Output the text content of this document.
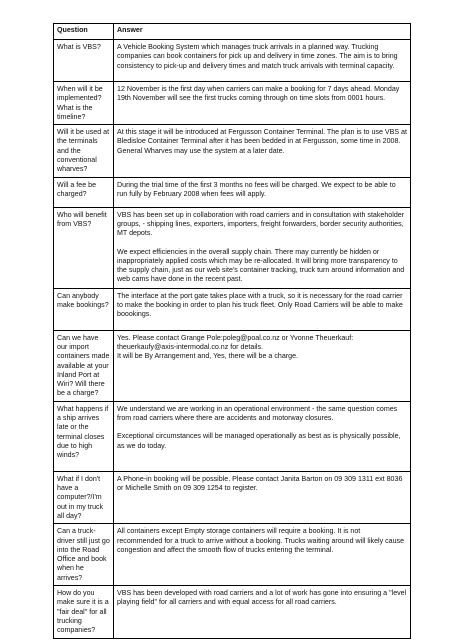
Question	Answer
What is VBS?	A Vehicle Booking System which manages truck arrivals in a planned way. Trucking companies can book containers for pick up and delivery in time zones. The aim is to bring consistency to pick-up and delivery times and match truck arrivals with terminal capacity.

When will it be implemented? What is the timeline?	12 November is the first day when carriers can make a booking for 7 days ahead. Monday 19th November will see the first trucks coming through on time slots from 0001 hours.

Will it be used at the terminals and the conventional wharves?	At this stage it will be introduced at Fergusson Container Terminal. The plan is to use VBS at Bledisloe Container Terminal after it has been bedded in at Fergusson, some time in 2008. General Wharves may use the system at a later date.

Will a fee be charged?	During the trial time of the first 3 months no fees will be charged. We expect to be able to run fully by February 2008 when fees will apply.

Who will benefit from VBS?	VBS has been set up in collaboration with road carriers and in consultation with stakeholder groups, - shipping lines, exporters, importers, freight forwarders, border security authorities, MT depots.

We expect efficiencies in the overall supply chain. There may currently be hidden or inappropriately applied costs which may be re-allocated. It will bring more transparency to the supply chain, just as our web site's container tracking, truck turn around information and web cams have done in the recent past.

Can anybody make bookings?	The interface at the port gate takes place with a truck, so it is necessary for the road carrier to make the booking in order to plan his truck fleet. Only Road Carriers will be able to make boookings.

Can we have our import containers made available at your Inland Port at Wiri? Will there be a charge?	Yes. Please contact Grange Pole:poleg@poal.co.nz or Yvonne Theuerkauf: theuerkaufy@axis-intermodal.co.nz for details.
It will be By Arrangement and, Yes, there will be a charge.

What happens if a ship arrives late or the terminal closes due to high winds?	We understand we are working in an operational environment - the same question comes from road carriers where there are accidents and motorway closures.

Exceptional circumstances will be managed operationally as best as is physically possible, as we do today.

What if I don't have a computer?/I'm out in my truck all day?	A Phone-in booking will be possible. Please contact Janita Barton on 09 309 1311 ext 8036 or Michelle Smith on 09 309 1254 to register.

Can a truck-driver still just go into the Road Office and book when he arrives?	All containers except Empty storage containers will require a booking. It is not recommended for a truck to arrive without a booking. Trucks waiting around will likely cause congestion and affect the smooth flow of trucks entering the terminal.

How do you make sure it is a "fair deal" for all trucking companies?	VBS has been developed with road carriers and a lot of work has gone into ensuring a "level playing field" for all carriers and with equal access for all road carriers.
